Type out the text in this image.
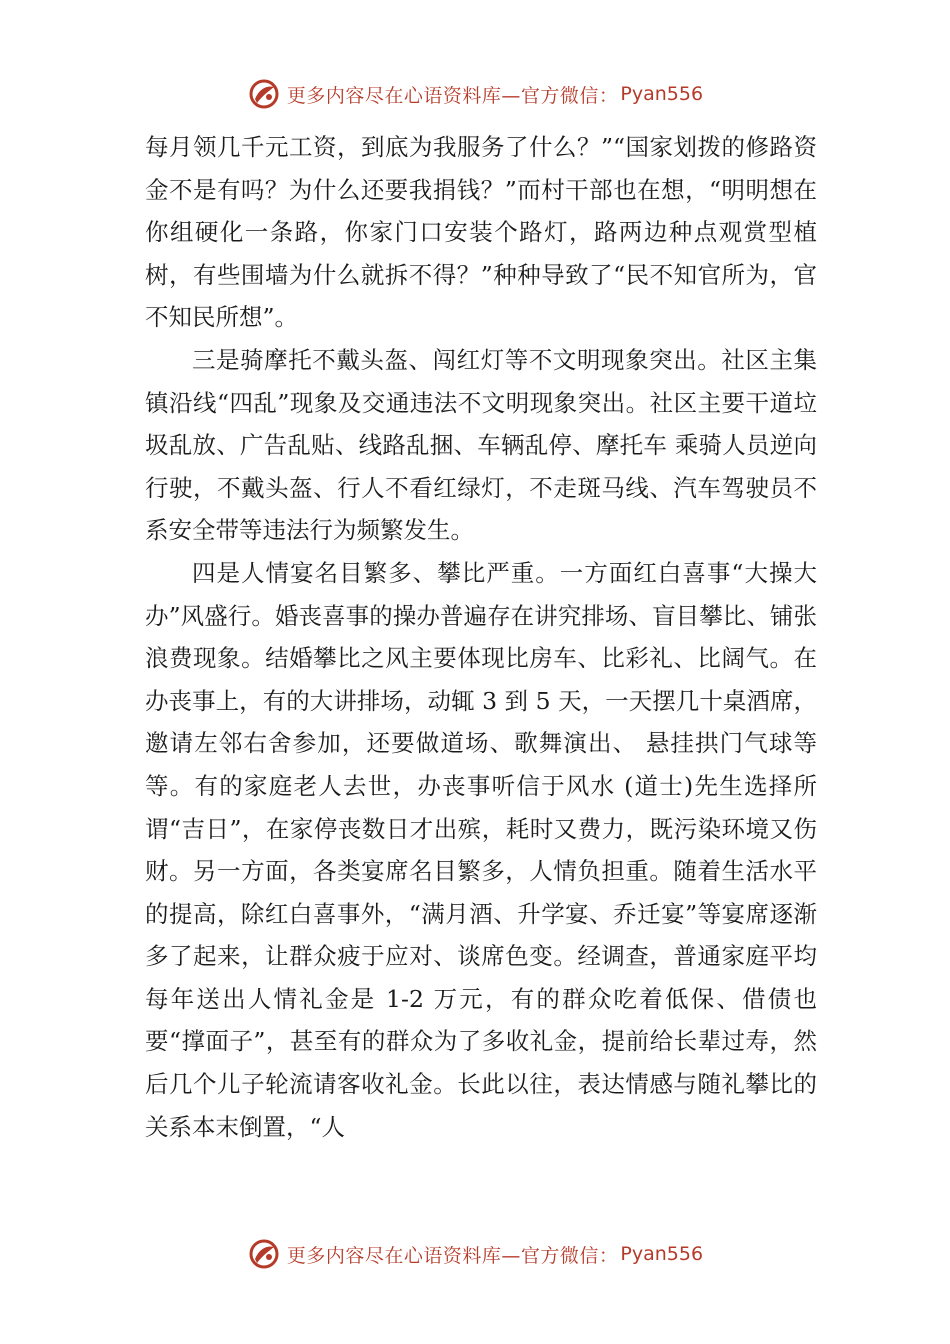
更多内容尽在心语资料库—官方微信： Pyan556

每月领几千元工资，到底为我服务了什么？”“国家划拨的修路资金不是有吗？为什么还要我捐钱？”而村干部也在想，“明明想在你组硬化一条路，你家门口安装个路灯，路两边种点观赏型植树，有些围墙为什么就拆不得？”种种导致了“民不知官所为，官不知民所想”。

三是骑摩托不戴头盔、闯红灯等不文明现象突出。社区主集镇沿线“四乱”现象及交通违法不文明现象突出。社区主要干道垃圾乱放、广告乱贴、线路乱捆、车辆乱停、摩托车 乘骑人员逆向行驶，不戴头盔、行人不看红绿灯，不走斑马线、汽车驾驶员不系安全带等违法行为频繁发生。

四是人情宴名目繁多、攀比严重。一方面红白喜事“大操大办”风盛行。婚丧喜事的操办普遍存在讲究排场、盲目攀比、铺张浪费现象。结婚攀比之风主要体现比房车、比彩礼、比阔气。在办丧事上，有的大讲排场，动辄 3 到 5 天，一天摆几十桌酒席，邀请左邻右舍参加，还要做道场、歌舞演出、 悬挂拱门气球等等。有的家庭老人去世，办丧事听信于风水 (道士)先生选择所谓“吉日”，在家停丧数日才出殡，耗时又费力，既污染环境又伤财。另一方面，各类宴席名目繁多，人情负担重。随着生活水平的提高，除红白喜事外，“满月酒、升学宴、乔迁宴”等宴席逐渐多了起来，让群众疲于应对、谈席色变。经调查，普通家庭平均每年送出人情礼金是 1-2 万元，有的群众吃着低保、借债也要“撑面子”，甚至有的群众为了多收礼金，提前给长辈过寿，然后几个儿子轮流请客收礼金。长此以往，表达情感与随礼攀比的关系本末倒置，“人

更多内容尽在心语资料库—官方微信： Pyan556
